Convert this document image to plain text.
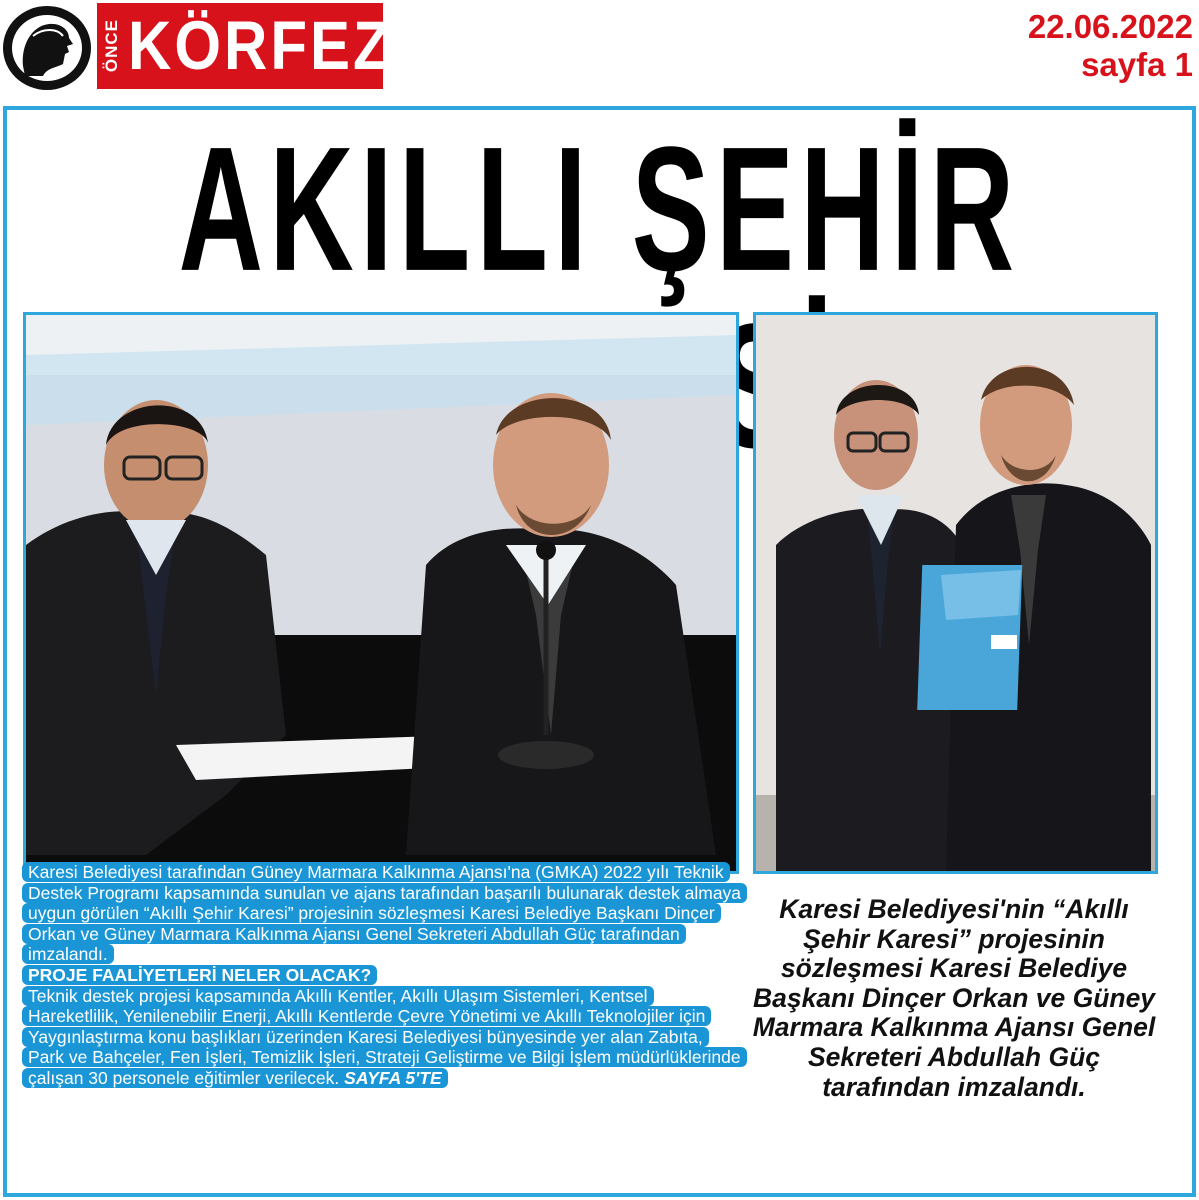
ÖNCE KÖRFEZ	22.06.2022
sayfa 1
AKILLI ŞEHİR

Karesi Belediyesi tarafından Güney Marmara Kalkınma Ajansı'na (GMKA) 2022 yılı Teknik Destek Programı kapsamında sunulan ve ajans tarafından başarılı bulunarak destek almaya uygun görülen “Akıllı Şehir Karesi” projesinin sözleşmesi Karesi Belediye Başkanı Dinçer Orkan ve Güney Marmara Kalkınma Ajansı Genel Sekreteri Abdullah Güç tarafından imzalandı.

PROJE FAALİYETLERİ NELER OLACAK?

Teknik destek projesi kapsamında Akıllı Kentler, Akıllı Ulaşım Sistemleri, Kentsel Hareketlilik, Yenilenebilir Enerji, Akıllı Kentlerde Çevre Yönetimi ve Akıllı Teknolojiler için Yaygınlaştırma konu başlıkları üzerinden Karesi Belediyesi bünyesinde yer alan Zabıta, Park ve Bahçeler, Fen İşleri, Temizlik İşleri, Strateji Geliştirme ve Bilgi İşlem müdürlüklerinde çalışan 30 personele eğitimler verilecek. SAYFA 5'TE

Karesi Belediyesi'nin “Akıllı Şehir Karesi” projesinin sözleşmesi Karesi Belediye Başkanı Dinçer Orkan ve Güney Marmara Kalkınma Ajansı Genel Sekreteri Abdullah Güç tarafından imzalandı.
